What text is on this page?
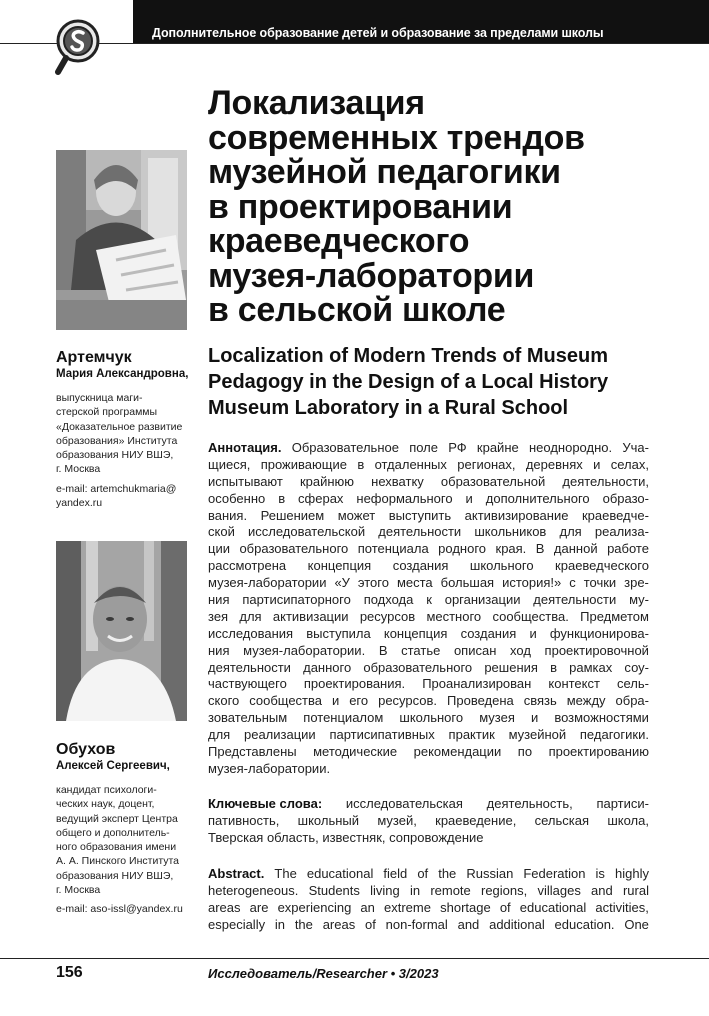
Дополнительное образование детей и образование за пределами школы
Локализация
современных трендов
музейной педагогики
в проектировании
краеведческого
музея-лаборатории
в сельской школе
Localization of Modern Trends of Museum
Pedagogy in the Design of a Local History
Museum Laboratory in a Rural School
Артемчук
Мария Александровна,
выпускница маги-
стерской программы
«Доказательное развитие
образования» Института
образования НИУ ВШЭ,
г. Москва
e-mail: artemchukmaria@
yandex.ru
Обухов
Алексей Сергеевич,
кандидат психологи-
ческих наук, доцент,
ведущий эксперт Центра
общего и дополнитель-
ного образования имени
А. А. Пинского Института
образования НИУ ВШЭ,
г. Москва
e-mail: aso-issl@yandex.ru
Аннотация. Образовательное поле РФ крайне неоднородно. Уча-
щиеся, проживающие в отдаленных регионах, деревнях и селах,
испытывают крайнюю нехватку образовательной деятельности,
особенно в сферах неформального и дополнительного образо-
вания. Решением может выступить активизирование краеведче-
ской исследовательской деятельности школьников для реализа-
ции образовательного потенциала родного края. В данной работе
рассмотрена концепция создания школьного краеведческого
музея-лаборатории «У этого места большая история!» с точки зре-
ния партисипаторного подхода к организации деятельности му-
зея для активизации ресурсов местного сообщества. Предметом
исследования выступила концепция создания и функционирова-
ния музея-лаборатории. В статье описан ход проектировочной
деятельности данного образовательного решения в рамках соу-
частвующего проектирования. Проанализирован контекст сель-
ского сообщества и его ресурсов. Проведена связь между обра-
зовательным потенциалом школьного музея и возможностями
для реализации партисипативных практик музейной педагогики.
Представлены методические рекомендации по проектированию
музея-лаборатории.
Ключевые слова: исследовательская деятельность, партиси-
пативность, школьный музей, краеведение, сельская школа,
Тверская область, известняк, сопровождение
Abstract. The educational field of the Russian Federation is highly
heterogeneous. Students living in remote regions, villages and rural
areas are experiencing an extreme shortage of educational activities,
especially in the areas of non-formal and additional education. One
156	Исследователь/Researcher • 3/2023
